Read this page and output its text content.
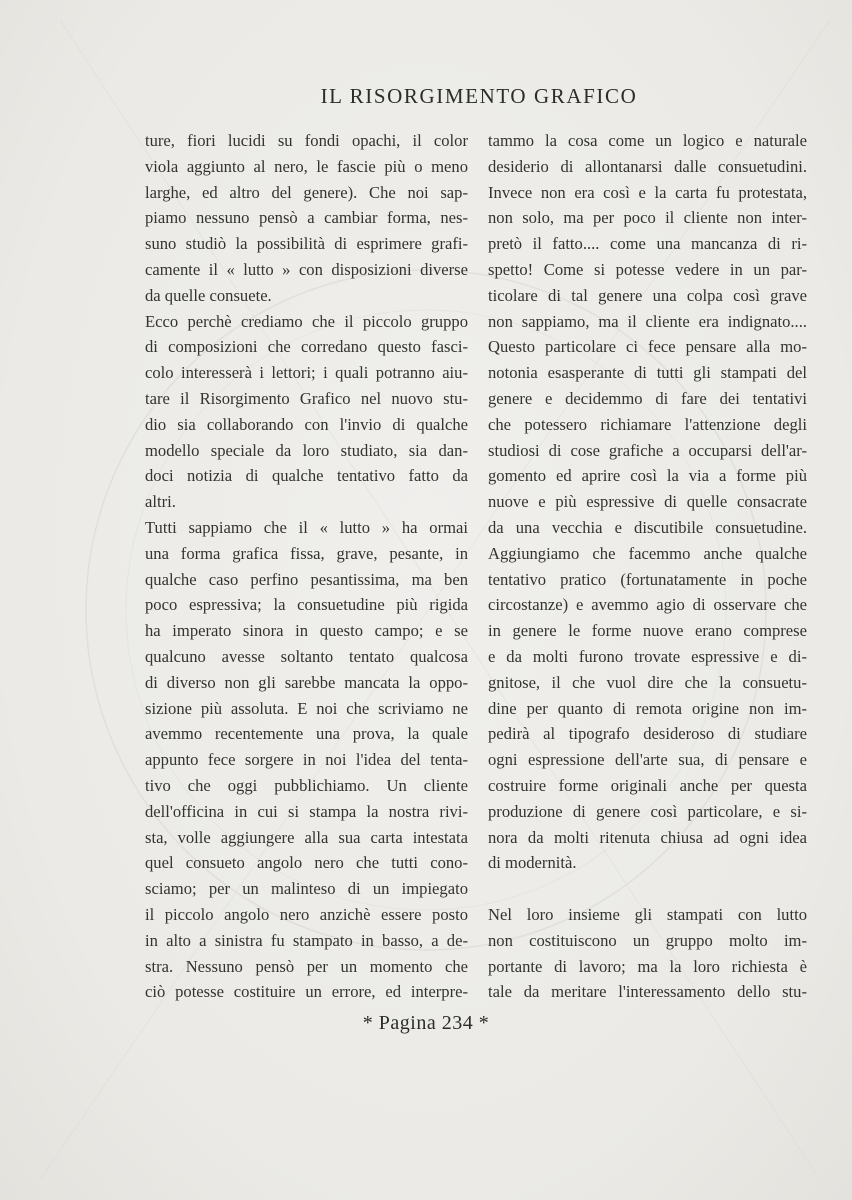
IL RISORGIMENTO GRAFICO
ture, fiori lucidi su fondi opachi, il color
viola aggiunto al nero, le fascie più o meno
larghe, ed altro del genere). Che noi sap-
piamo nessuno pensò a cambiar forma, nes-
suno studiò la possibilità di esprimere grafi-
camente il « lutto » con disposizioni diverse
da quelle consuete.
Ecco perchè crediamo che il piccolo gruppo
di composizioni che corredano questo fasci-
colo interesserà i lettori; i quali potranno aiu-
tare il Risorgimento Grafico nel nuovo stu-
dio sia collaborando con l'invio di qualche
modello speciale da loro studiato, sia dan-
doci notizia di qualche tentativo fatto da
altri.
Tutti sappiamo che il « lutto » ha ormai
una forma grafica fissa, grave, pesante, in
qualche caso perfino pesantissima, ma ben
poco espressiva; la consuetudine più rigida
ha imperato sinora in questo campo; e se
qualcuno avesse soltanto tentato qualcosa
di diverso non gli sarebbe mancata la oppo-
sizione più assoluta. E noi che scriviamo ne
avemmo recentemente una prova, la quale
appunto fece sorgere in noi l'idea del tenta-
tivo che oggi pubblichiamo. Un cliente
dell'officina in cui si stampa la nostra rivi-
sta, volle aggiungere alla sua carta intestata
quel consueto angolo nero che tutti cono-
sciamo; per un malinteso di un impiegato
il piccolo angolo nero anzichè essere posto
in alto a sinistra fu stampato in basso, a de-
stra. Nessuno pensò per un momento che
ciò potesse costituire un errore, ed interpre-
tammo la cosa come un logico e naturale
desiderio di allontanarsi dalle consuetudini.
Invece non era così e la carta fu protestata,
non solo, ma per poco il cliente non inter-
pretò il fatto.... come una mancanza di ri-
spetto! Come si potesse vedere in un par-
ticolare di tal genere una colpa così grave
non sappiamo, ma il cliente era indignato....
Questo particolare ci fece pensare alla mo-
notonia esasperante di tutti gli stampati del
genere e decidemmo di fare dei tentativi
che potessero richiamare l'attenzione degli
studiosi di cose grafiche a occuparsi dell'ar-
gomento ed aprire così la via a forme più
nuove e più espressive di quelle consacrate
da una vecchia e discutibile consuetudine.
Aggiungiamo che facemmo anche qualche
tentativo pratico (fortunatamente in poche
circostanze) e avemmo agio di osservare che
in genere le forme nuove erano comprese
e da molti furono trovate espressive e di-
gnitose, il che vuol dire che la consuetu-
dine per quanto di remota origine non im-
pedirà al tipografo desideroso di studiare
ogni espressione dell'arte sua, di pensare e
costruire forme originali anche per questa
produzione di genere così particolare, e si-
nora da molti ritenuta chiusa ad ogni idea
di modernità.
Nel loro insieme gli stampati con lutto
non costituiscono un gruppo molto im-
portante di lavoro; ma la loro richiesta è
tale da meritare l'interessamento dello stu-
* Pagina 234 *
